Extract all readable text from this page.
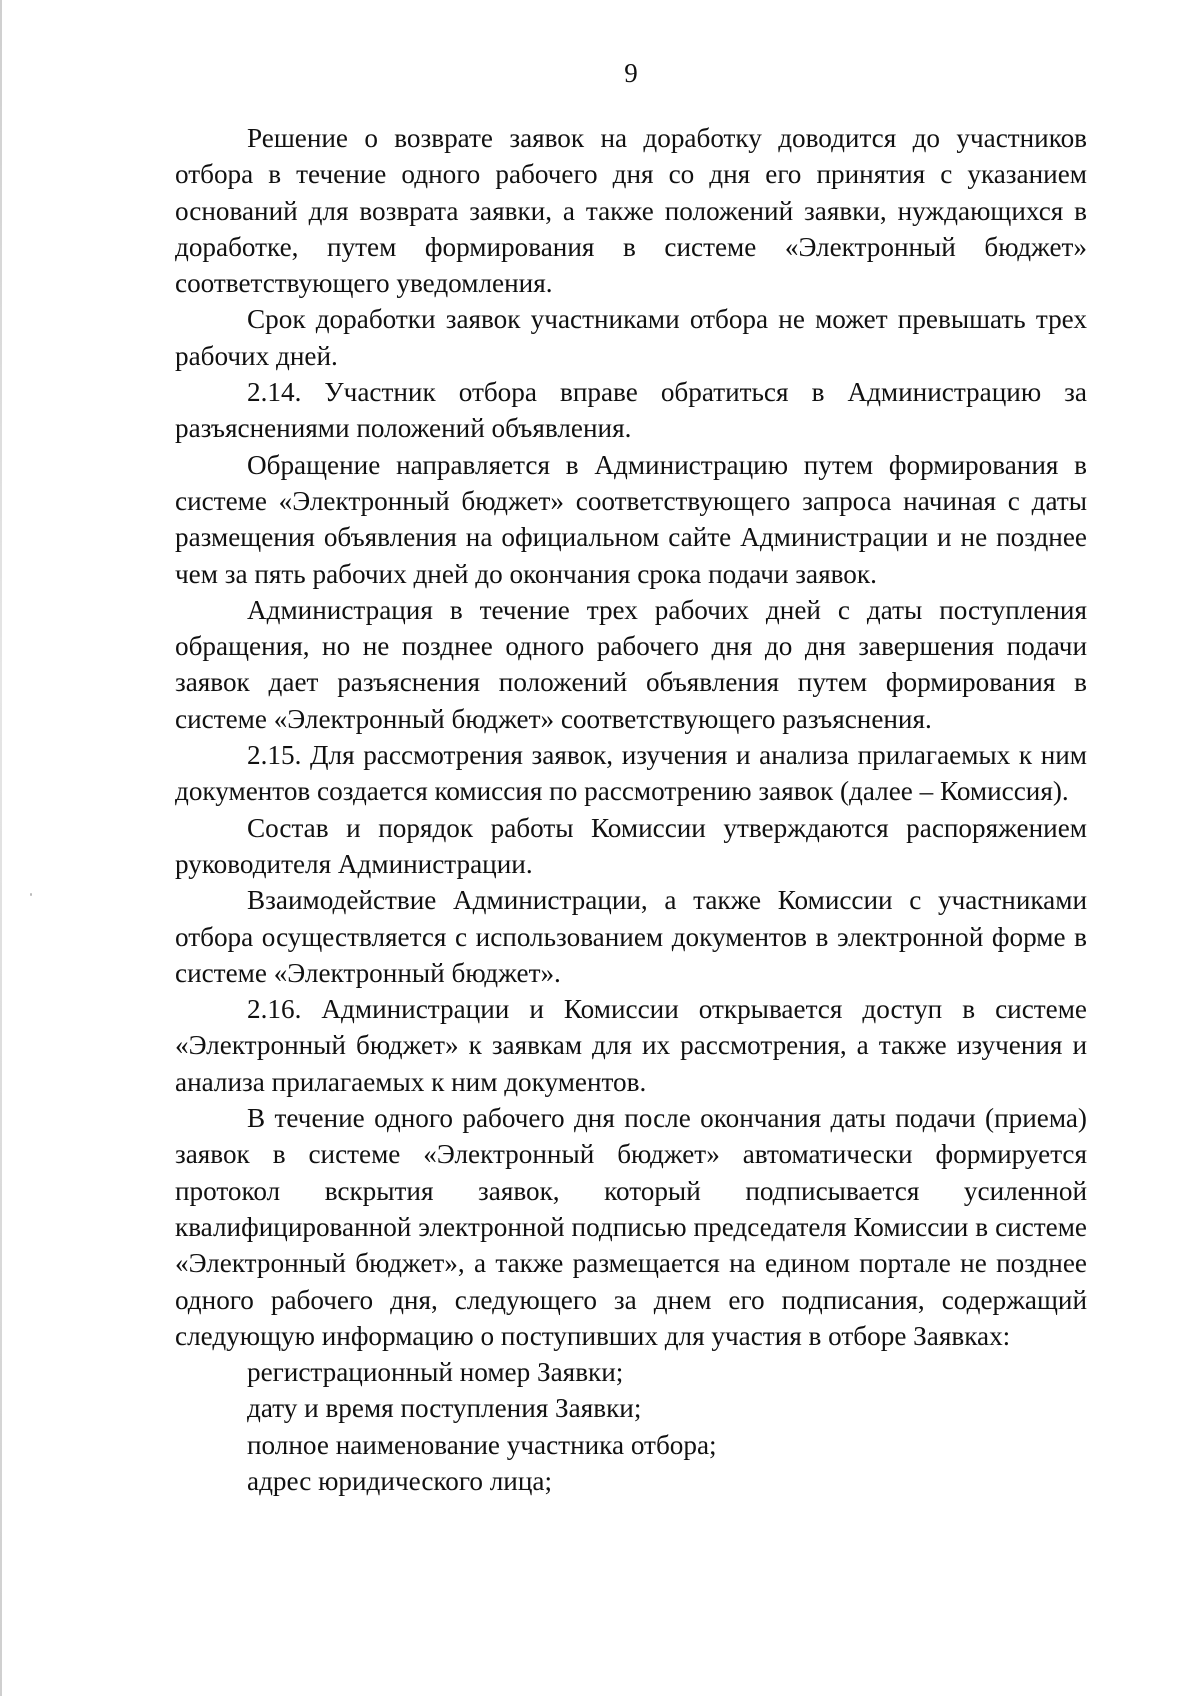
9

Решение о возврате заявок на доработку доводится до участников отбора в течение одного рабочего дня со дня его принятия с указанием оснований для возврата заявки, а также положений заявки, нуждающихся в доработке, путем формирования в системе «Электронный бюджет» соответствующего уведомления.

Срок доработки заявок участниками отбора не может превышать трех рабочих дней.

2.14. Участник отбора вправе обратиться в Администрацию за разъяснениями положений объявления.

Обращение направляется в Администрацию путем формирования в системе «Электронный бюджет» соответствующего запроса начиная с даты размещения объявления на официальном сайте Администрации и не позднее чем за пять рабочих дней до окончания срока подачи заявок.

Администрация в течение трех рабочих дней с даты поступления обращения, но не позднее одного рабочего дня до дня завершения подачи заявок дает разъяснения положений объявления путем формирования в системе «Электронный бюджет» соответствующего разъяснения.

2.15. Для рассмотрения заявок, изучения и анализа прилагаемых к ним документов создается комиссия по рассмотрению заявок (далее – Комиссия).

Состав и порядок работы Комиссии утверждаются распоряжением руководителя Администрации.

Взаимодействие Администрации, а также Комиссии с участниками отбора осуществляется с использованием документов в электронной форме в системе «Электронный бюджет».

2.16. Администрации и Комиссии открывается доступ в системе «Электронный бюджет» к заявкам для их рассмотрения, а также изучения и анализа прилагаемых к ним документов.

В течение одного рабочего дня после окончания даты подачи (приема) заявок в системе «Электронный бюджет» автоматически формируется протокол вскрытия заявок, который подписывается усиленной квалифицированной электронной подписью председателя Комиссии в системе «Электронный бюджет», а также размещается на едином портале не позднее одного рабочего дня, следующего за днем его подписания, содержащий следующую информацию о поступивших для участия в отборе Заявках:

регистрационный номер Заявки;

дату и время поступления Заявки;

полное наименование участника отбора;

адрес юридического лица;
